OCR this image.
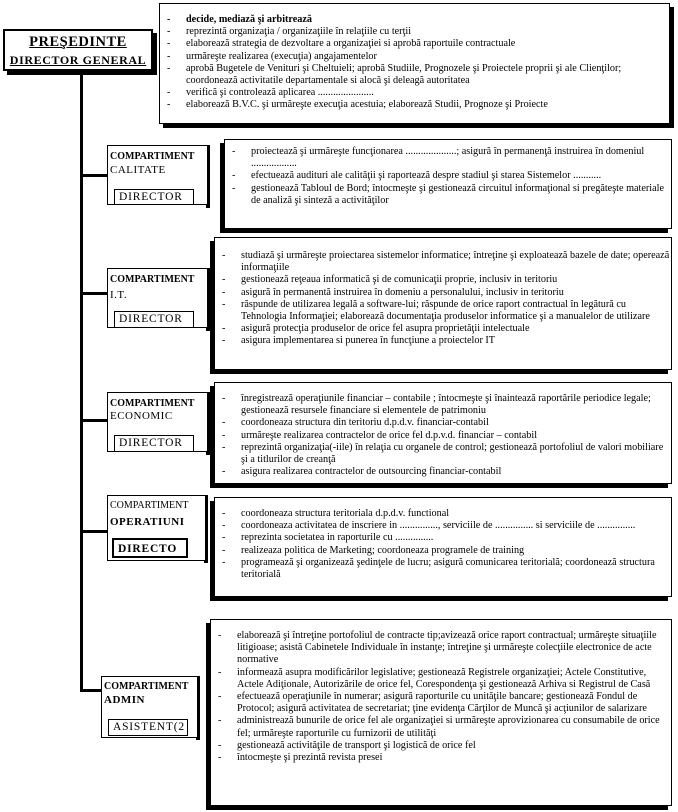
PREŞEDINTE
DIRECTOR GENERAL
- decide, mediază şi arbitrează
- reprezintă organizaţia / organizaţiile în relaţiile cu terţii
- elaborează strategia de dezvoltare a organizaţiei si aprobă raportuile contractuale
- urmăreşte realizarea (execuţia) angajamentelor
- aprobă Bugetele de Venituri şi Cheltuieli; aprobă Studiile, Prognozele şi Proiectele proprii şi ale Clienţilor; coordonează activitatile departamentale si alocă şi deleagă autoritatea
- verifică şi controlează aplicarea ......................
- elaborează B.V.C. şi urmăreşte execuţia acestuia; elaborează Studii, Prognoze şi Proiecte
COMPARTIMENT
CALITATE
DIRECTOR
- proiectează şi urmăreşte funcţionarea ....................; asigură în permanenţă instruirea în domeniul ..................
- efectuează audituri ale calităţii şi raportează despre stadiul şi starea Sistemelor ...........
- gestionează Tabloul de Bord; întocmeşte şi gestionează circuitul informaţional si pregăteşte materiale de analiză şi sinteză a activităţilor
COMPARTIMENT
I.T.
DIRECTOR
- studiază şi urmăreşte proiectarea sistemelor informatice; întreţine şi exploatează bazele de date; operează informaţiile
- gestionează reţeaua informatică şi de comunicaţii proprie, inclusiv in teritoriu
- asigură în permanentă instruirea în domeniu a personalului, inclusiv in teritoriu
- răspunde de utilizarea legală a software-lui; răspunde de orice raport contractual în legătură cu Tehnologia Informaţiei; elaborează documentaţia produselor informatice şi a manualelor de utilizare
- asigură protecţia produselor de orice fel asupra proprietăţii intelectuale
- asigura implementarea si punerea în funcţiune a proiectelor IT
COMPARTIMENT
ECONOMIC
DIRECTOR
- înregistrează operaţiunile financiar – contabile ; întocmeşte şi înaintează raportările periodice legale; gestionează resursele financiare si elementele de patrimoniu
- coordoneaza structura din teritoriu d.p.d.v. financiar-contabil
- urmăreşte realizarea contractelor de orice fel d.p.v.d. financiar – contabil
- reprezintă organizaţia(-iile) în relaţia cu organele de control; gestionează portofoliul de valori mobiliare şi a titlurilor de creanţă
- asigura realizarea contractelor de outsourcing financiar-contabil
COMPARTIMENT
OPERATIUNI
DIRECTO
- coordoneaza structura teritoriala d.p.d.v. functional
- coordoneaza activitatea de inscriere in ..............., serviciile de ............... si serviciile de ...............
- reprezinta societatea in raporturile cu ...............
- realizeaza politica de Marketing; coordoneaza programele de training
- programează şi organizează şedinţele de lucru; asigură comunicarea teritorială; coordonează structura teritorială
COMPARTIMENT
ADMIN
ASISTENT(2
- elaborează şi întreţine portofoliul de contracte tip;avizează orice raport contractual; urmăreşte situaţiile litigioase; asistă Cabinetele Individuale în instanţe; întreţine şi urmăreşte colecţiile electronice de acte normative
- informează asupra modificărilor legislative; gestionează Registrele organizaţiei; Actele Constitutive, Actele Adiţionale, Autorizările de orice fel, Corespondenţa şi gestionează Arhiva si Registrul de Casă
- efectuează operaţiunile în numerar; asigură raporturile cu unităţile bancare; gestionează Fondul de Protocol; asigură activitatea de secretariat; ţine evidenţa Cărţilor de Muncă şi acţiunilor de salarizare
- administrează bunurile de orice fel ale organizaţiei si urmăreşte aprovizionarea cu consumabile de orice fel; urmăreşte raporturile cu furnizorii de utilităţi
- gestionează activităţile de transport şi logistică de orice fel
- întocmeşte şi prezintă revista presei
